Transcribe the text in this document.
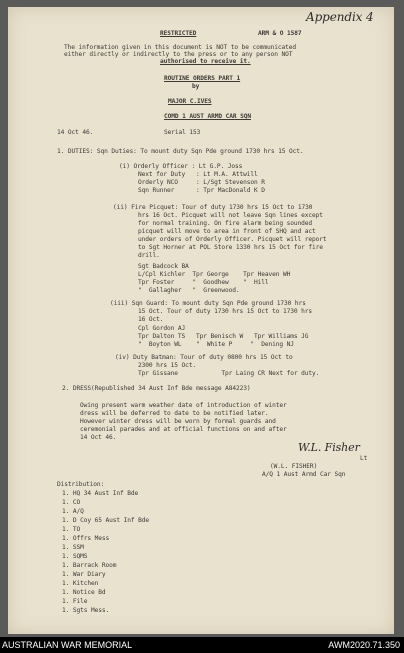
RESTRICTED	ARM & O 1587
Appendix 4
The information given in this document is NOT to be communicated
either directly or indirectly to the press or to any person NOT
authorised to receive it.
ROUTINE ORDERS PART 1
by
MAJOR C.IVES
COMD 1 AUST ARMD CAR SQN
14 Oct 46.	Serial 153
1. DUTIES: Sqn Duties: To mount duty Sqn Pde ground 1730 hrs 15 Oct.
(i) Orderly Officer : Lt G.P. Joss
Next for Duty   : Lt M.A. Attwill
Orderly NCO     : L/Sgt Stevenson R
Sqn Runner      : Tpr MacDonald K D
(ii) Fire Picquet: Tour of duty 1730 hrs 15 Oct to 1730
hrs 16 Oct. Picquet will not leave Sqn lines except
for normal training. On fire alarm being sounded
picquet will move to area in front of SHQ and act
under orders of Orderly Officer. Picquet will report
to Sgt Horner at POL Store 1330 hrs 15 Oct for fire
drill.
Sgt Badcock BA
L/Cpl Kichler  Tpr George    Tpr Heaven WH
Tpr Foster     "  Goodhew    "  Hill
"  Gallagher   "  Greenwood.
(iii) Sqn Guard: To mount duty Sqn Pde ground 1730 hrs
15 Oct. Tour of duty 1730 hrs 15 Oct to 1730 hrs
16 Oct.
Cpl Gordon AJ
Tpr Dalton TS   Tpr Benisch W   Tpr Williams JG
"  Boyton WL    "  White P     "  Dening NJ
(iv) Duty Batman: Tour of duty 0800 hrs 15 Oct to
2300 hrs 15 Oct.
Tpr Gissane            Tpr Laing CR Next for duty.
2. DRESS(Republished 34 Aust Inf Bde message A84223)
Owing present warm weather date of introduction of winter
dress will be deferred to date to be notified later.
However winter dress will be worn by formal guards and
ceremonial parades and at official functions on and after
14 Oct 46.
W.L. Fisher
Lt
(W.L. FISHER)
A/Q 1 Aust Armd Car Sqn
Distribution:
1. HQ 34 Aust Inf Bde
1. CO
1. A/Q
1. D Coy 65 Aust Inf Bde
1. TO
1. Offrs Mess
1. SSM
1. SQMS
1. Barrack Room
1. War Diary
1. Kitchen
1. Notice Bd
1. File
1. Sgts Mess.
AUSTRALIAN WAR MEMORIAL	AWM2020.71.350
